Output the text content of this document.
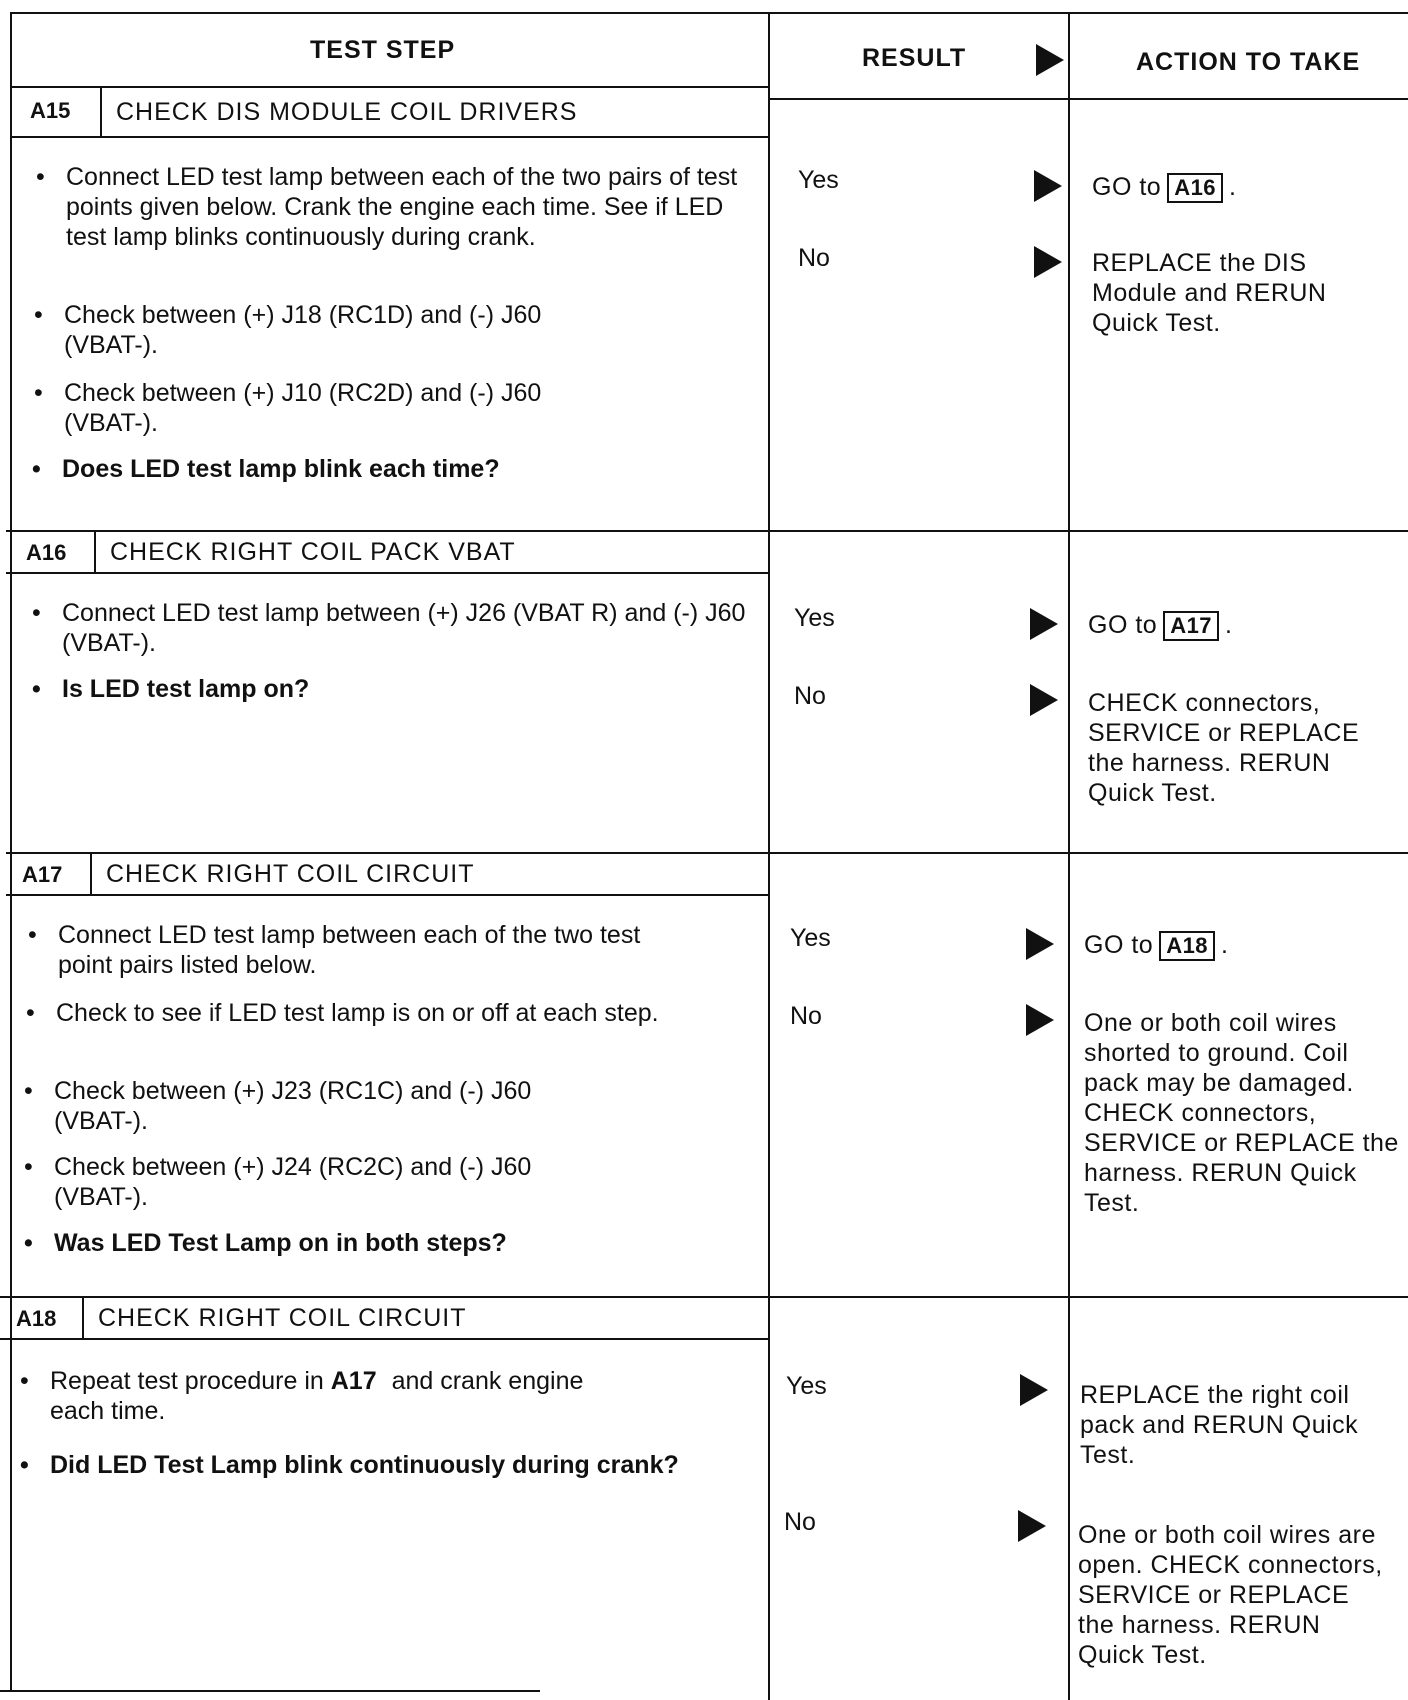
TEST STEP	RESULT	ACTION TO TAKE
A15 CHECK DIS MODULE COIL DRIVERS
• Connect LED test lamp between each of the two pairs of test points given below. Crank the engine each time. See if LED test lamp blinks continuously during crank.
• Check between (+) J18 (RC1D) and (-) J60 (VBAT-).
• Check between (+) J10 (RC2D) and (-) J60 (VBAT-).
• Does LED test lamp blink each time?
Yes	GO to A16 .
No	REPLACE the DIS Module and RERUN Quick Test.
A16 CHECK RIGHT COIL PACK VBAT
• Connect LED test lamp between (+) J26 (VBAT R) and (-) J60 (VBAT-).
• Is LED test lamp on?
Yes	GO to A17 .
No	CHECK connectors, SERVICE or REPLACE the harness. RERUN Quick Test.
A17 CHECK RIGHT COIL CIRCUIT
• Connect LED test lamp between each of the two test point pairs listed below.
• Check to see if LED test lamp is on or off at each step.
• Check between (+) J23 (RC1C) and (-) J60 (VBAT-).
• Check between (+) J24 (RC2C) and (-) J60 (VBAT-).
• Was LED Test Lamp on in both steps?
Yes	GO to A18 .
No	One or both coil wires shorted to ground. Coil pack may be damaged. CHECK connectors, SERVICE or REPLACE the harness. RERUN Quick Test.
A18 CHECK RIGHT COIL CIRCUIT
• Repeat test procedure in A17 and crank engine each time.
• Did LED Test Lamp blink continuously during crank?
Yes	REPLACE the right coil pack and RERUN Quick Test.
No	One or both coil wires are open. CHECK connectors, SERVICE or REPLACE the harness. RERUN Quick Test.
